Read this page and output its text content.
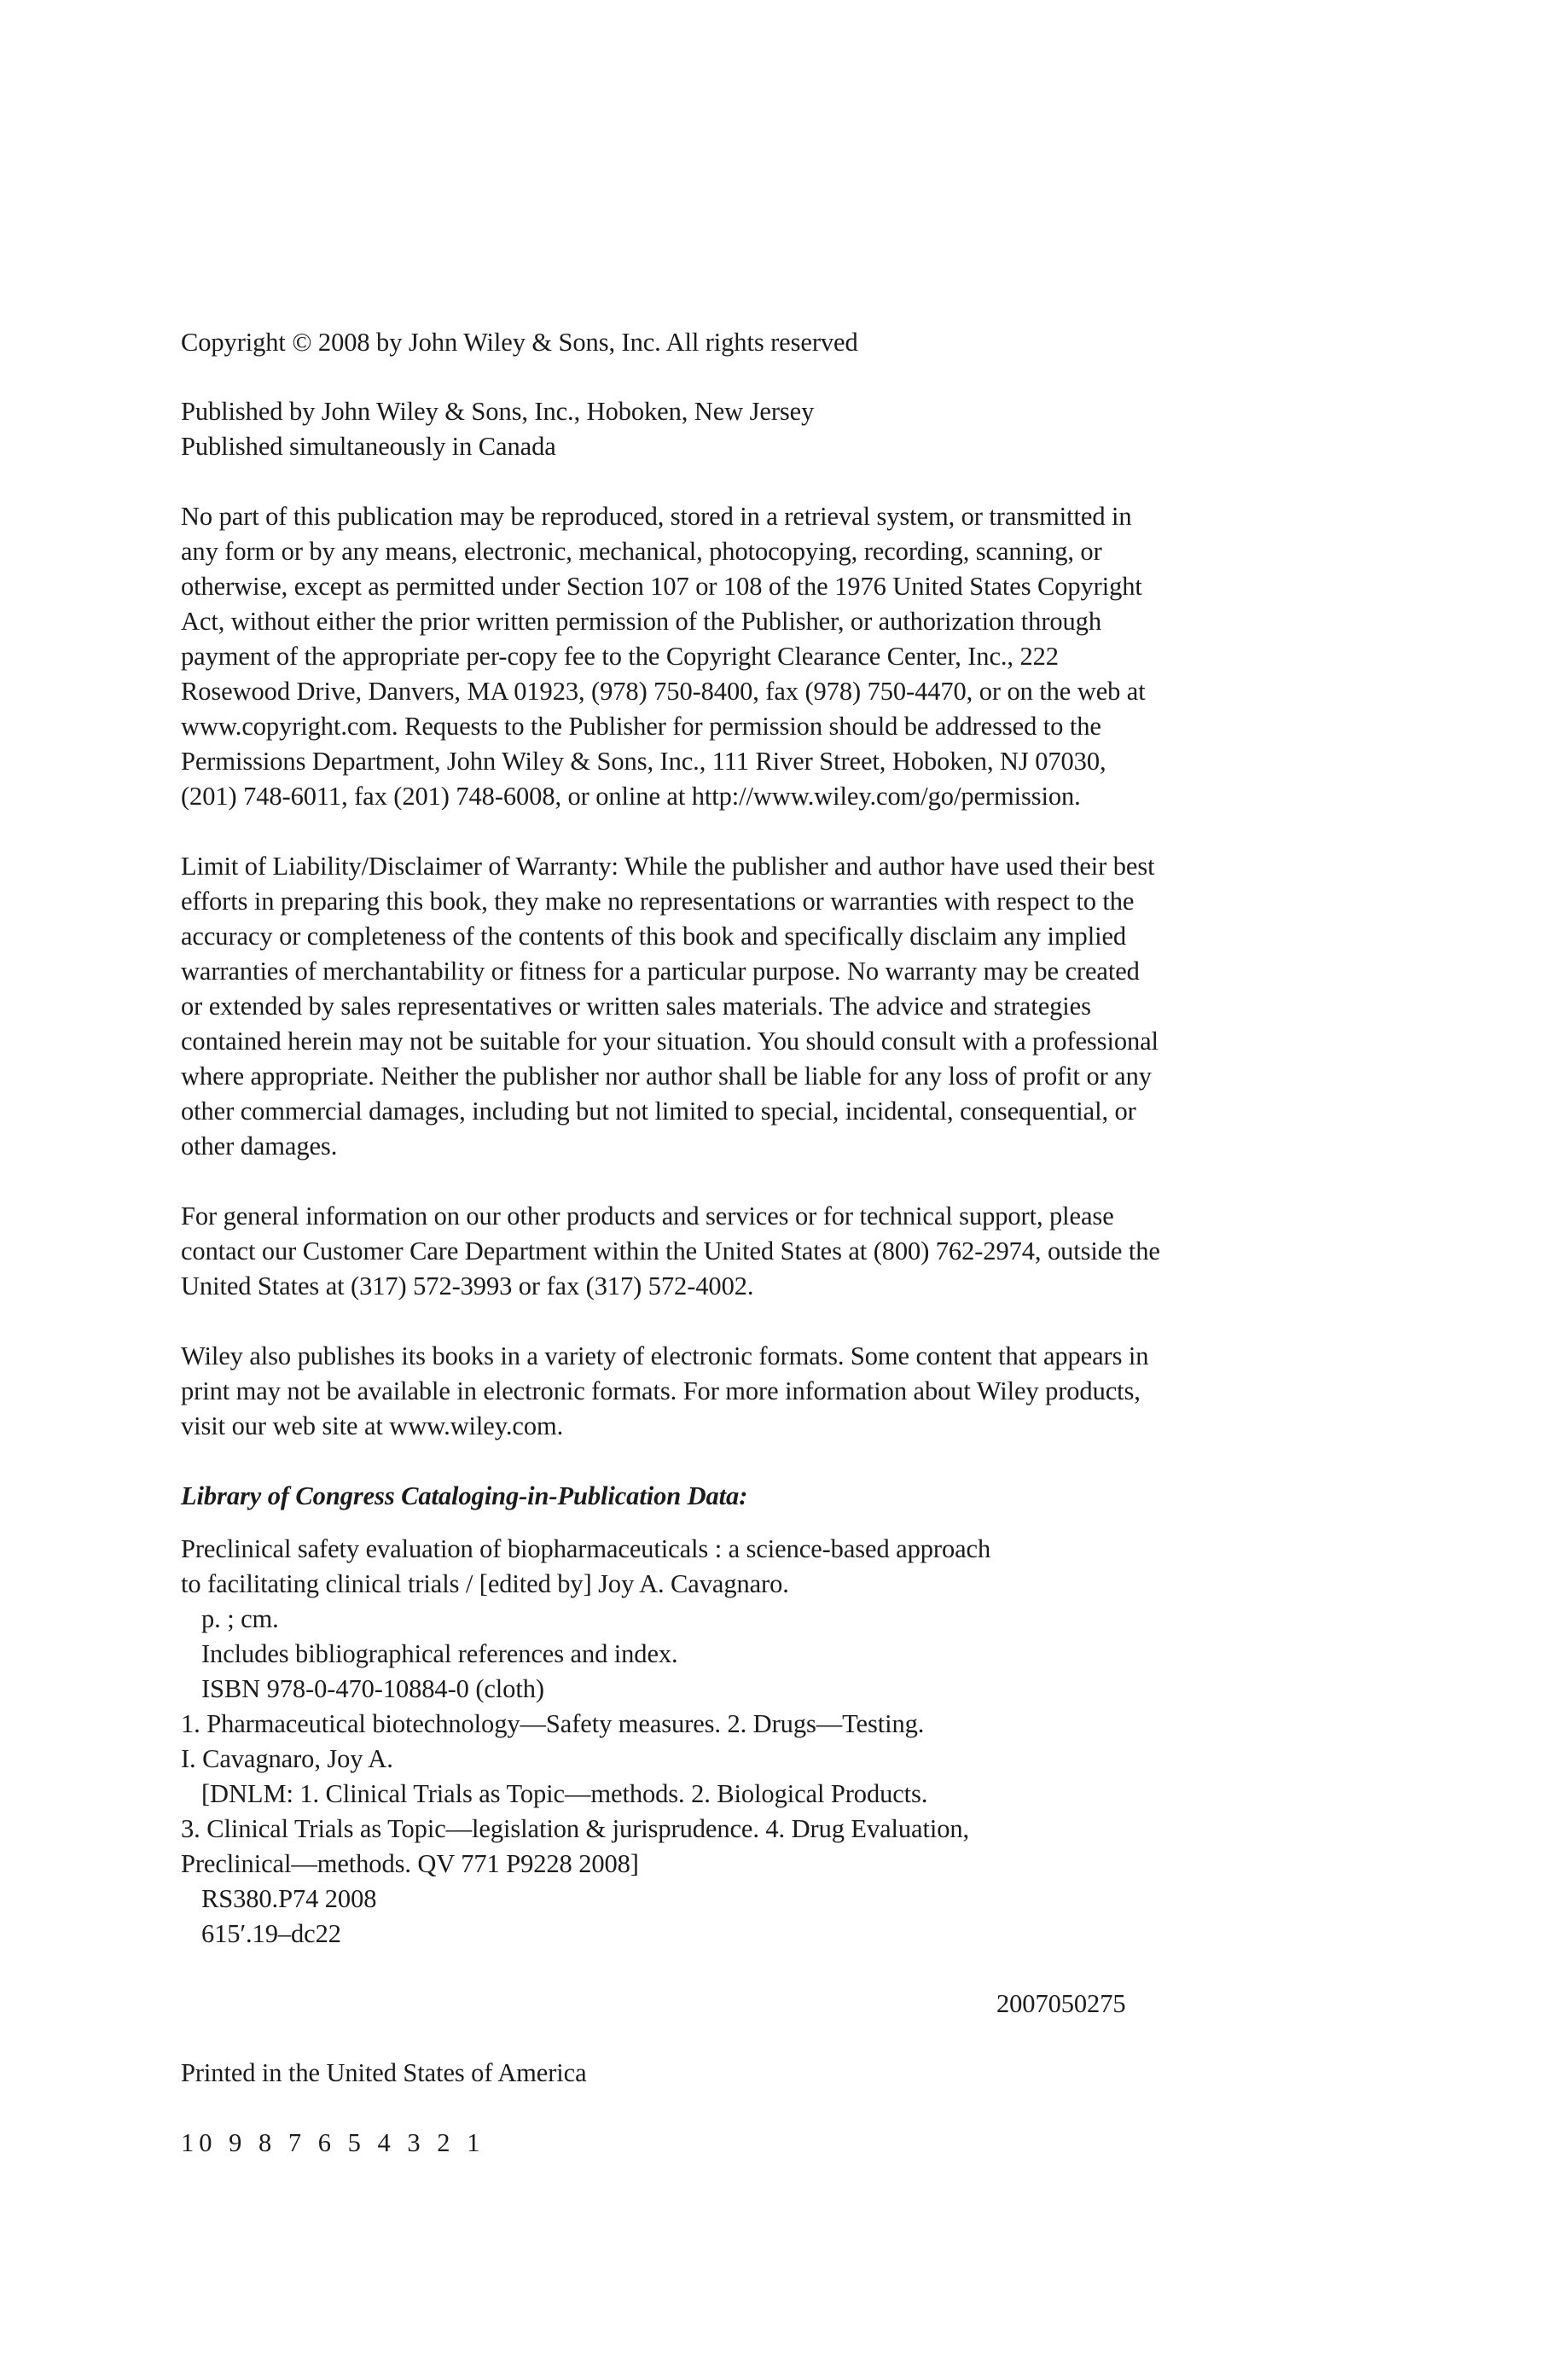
Copyright © 2008 by John Wiley & Sons, Inc. All rights reserved
Published by John Wiley & Sons, Inc., Hoboken, New Jersey
Published simultaneously in Canada
No part of this publication may be reproduced, stored in a retrieval system, or transmitted in
any form or by any means, electronic, mechanical, photocopying, recording, scanning, or
otherwise, except as permitted under Section 107 or 108 of the 1976 United States Copyright
Act, without either the prior written permission of the Publisher, or authorization through
payment of the appropriate per-copy fee to the Copyright Clearance Center, Inc., 222
Rosewood Drive, Danvers, MA 01923, (978) 750-8400, fax (978) 750-4470, or on the web at
www.copyright.com. Requests to the Publisher for permission should be addressed to the
Permissions Department, John Wiley & Sons, Inc., 111 River Street, Hoboken, NJ 07030,
(201) 748-6011, fax (201) 748-6008, or online at http://www.wiley.com/go/permission.
Limit of Liability/Disclaimer of Warranty: While the publisher and author have used their best
efforts in preparing this book, they make no representations or warranties with respect to the
accuracy or completeness of the contents of this book and specifically disclaim any implied
warranties of merchantability or fitness for a particular purpose. No warranty may be created
or extended by sales representatives or written sales materials. The advice and strategies
contained herein may not be suitable for your situation. You should consult with a professional
where appropriate. Neither the publisher nor author shall be liable for any loss of profit or any
other commercial damages, including but not limited to special, incidental, consequential, or
other damages.
For general information on our other products and services or for technical support, please
contact our Customer Care Department within the United States at (800) 762-2974, outside the
United States at (317) 572-3993 or fax (317) 572-4002.
Wiley also publishes its books in a variety of electronic formats. Some content that appears in
print may not be available in electronic formats. For more information about Wiley products,
visit our web site at www.wiley.com.
Library of Congress Cataloging-in-Publication Data:
Preclinical safety evaluation of biopharmaceuticals : a science-based approach
to facilitating clinical trials / [edited by] Joy A. Cavagnaro.
p. ; cm.
Includes bibliographical references and index.
ISBN 978-0-470-10884-0 (cloth)
1. Pharmaceutical biotechnology—Safety measures. 2. Drugs—Testing.
I. Cavagnaro, Joy A.
[DNLM: 1. Clinical Trials as Topic—methods. 2. Biological Products.
3. Clinical Trials as Topic—legislation & jurisprudence. 4. Drug Evaluation,
Preclinical—methods. QV 771 P9228 2008]
RS380.P74 2008
615′.19–dc22
2007050275
Printed in the United States of America
10 9 8 7 6 5 4 3 2 1
